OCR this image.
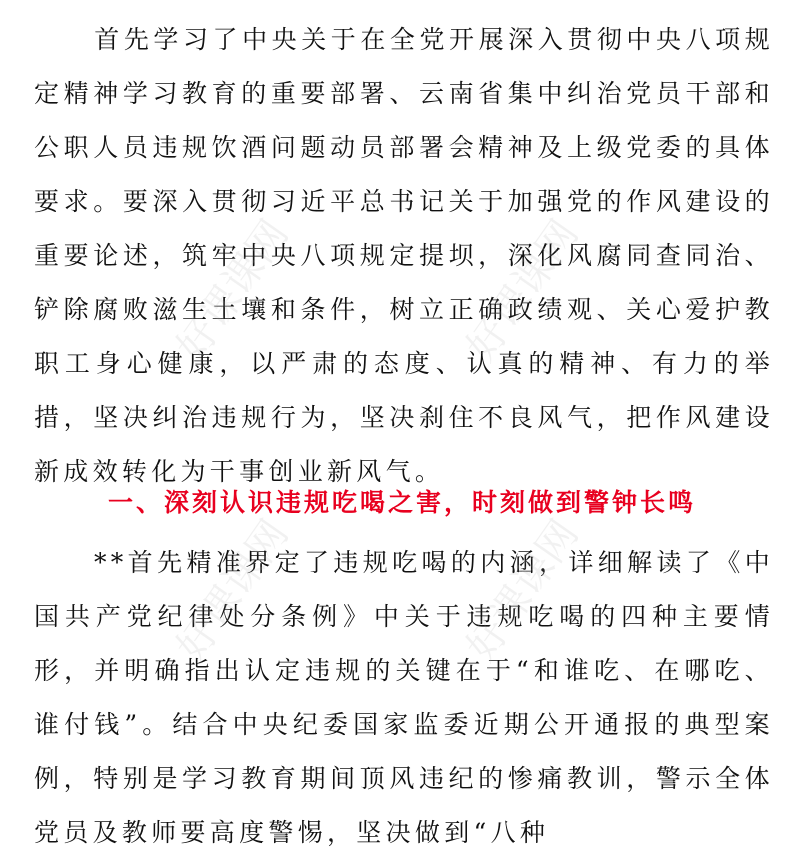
首先学习了中央关于在全党开展深入贯彻中央八项规定精神学习教育的重要部署、云南省集中纠治党员干部和公职人员违规饮酒问题动员部署会精神及上级党委的具体要求。要深入贯彻习近平总书记关于加强党的作风建设的重要论述，筑牢中央八项规定提坝，深化风腐同查同治、铲除腐败滋生土壤和条件，树立正确政绩观、关心爱护教职工身心健康，以严肃的态度、认真的精神、有力的举措，坚决纠治违规行为，坚决刹住不良风气，把作风建设新成效转化为干事创业新风气。

一、深刻认识违规吃喝之害，时刻做到警钟长鸣

**首先精准界定了违规吃喝的内涵，详细解读了《中国共产党纪律处分条例》中关于违规吃喝的四种主要情形，并明确指出认定违规的关键在于“和谁吃、在哪吃、谁付钱”。结合中央纪委国家监委近期公开通报的典型案例，特别是学习教育期间顶风违纪的惨痛教训，警示全体党员及教师要高度警惕，坚决做到“八种

好课课网	好课课网
好课课网	好课课网
